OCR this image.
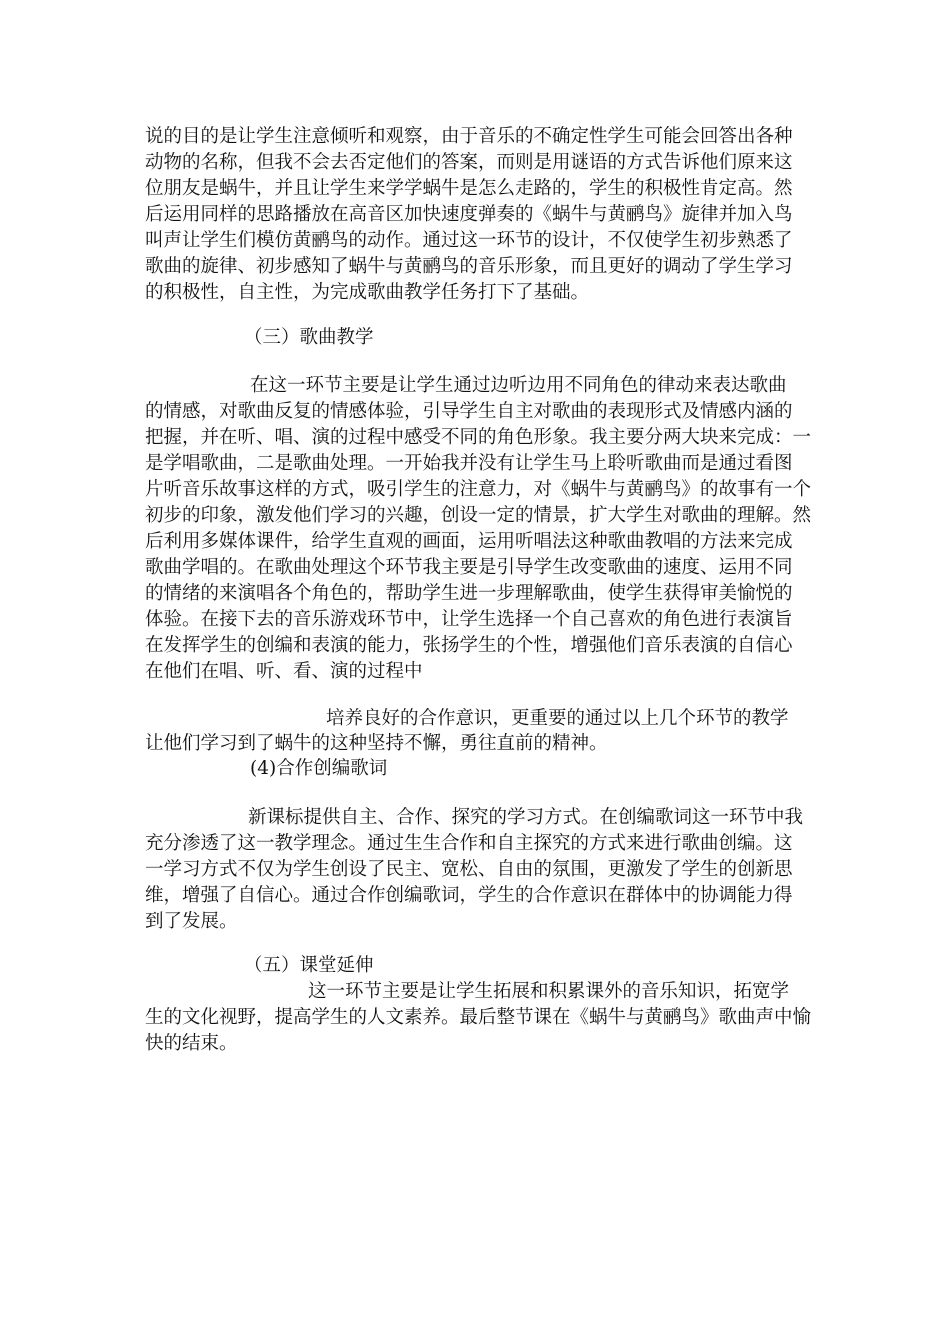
说的目的是让学生注意倾听和观察，由于音乐的不确定性学生可能会回答出各种
动物的名称，但我不会去否定他们的答案，而则是用谜语的方式告诉他们原来这
位朋友是蜗牛，并且让学生来学学蜗牛是怎么走路的，学生的积极性肯定高。然
后运用同样的思路播放在高音区加快速度弹奏的《蜗牛与黄鹂鸟》旋律并加入鸟
叫声让学生们模仿黄鹂鸟的动作。通过这一环节的设计，不仅使学生初步熟悉了
歌曲的旋律、初步感知了蜗牛与黄鹂鸟的音乐形象，而且更好的调动了学生学习
的积极性，自主性，为完成歌曲教学任务打下了基础。
（三）歌曲教学
在这一环节主要是让学生通过边听边用不同角色的律动来表达歌曲
的情感，对歌曲反复的情感体验，引导学生自主对歌曲的表现形式及情感内涵的
把握，并在听、唱、演的过程中感受不同的角色形象。我主要分两大块来完成：一
是学唱歌曲，二是歌曲处理。一开始我并没有让学生马上聆听歌曲而是通过看图
片听音乐故事这样的方式，吸引学生的注意力，对《蜗牛与黄鹂鸟》的故事有一个
初步的印象，激发他们学习的兴趣，创设一定的情景，扩大学生对歌曲的理解。然
后利用多媒体课件，给学生直观的画面，运用听唱法这种歌曲教唱的方法来完成
歌曲学唱的。在歌曲处理这个环节我主要是引导学生改变歌曲的速度、运用不同
的情绪的来演唱各个角色的，帮助学生进一步理解歌曲，使学生获得审美愉悦的
体验。在接下去的音乐游戏环节中，让学生选择一个自己喜欢的角色进行表演旨
在发挥学生的创编和表演的能力，张扬学生的个性，增强他们音乐表演的自信心
在他们在唱、听、看、演的过程中
培养良好的合作意识，更重要的通过以上几个环节的教学
让他们学习到了蜗牛的这种坚持不懈，勇往直前的精神。
(4)合作创编歌词
新课标提供自主、合作、探究的学习方式。在创编歌词这一环节中我
充分渗透了这一教学理念。通过生生合作和自主探究的方式来进行歌曲创编。这
一学习方式不仅为学生创设了民主、宽松、自由的氛围，更激发了学生的创新思
维，增强了自信心。通过合作创编歌词，学生的合作意识在群体中的协调能力得
到了发展。
（五）课堂延伸
这一环节主要是让学生拓展和积累课外的音乐知识，拓宽学
生的文化视野，提高学生的人文素养。最后整节课在《蜗牛与黄鹂鸟》歌曲声中愉
快的结束。
